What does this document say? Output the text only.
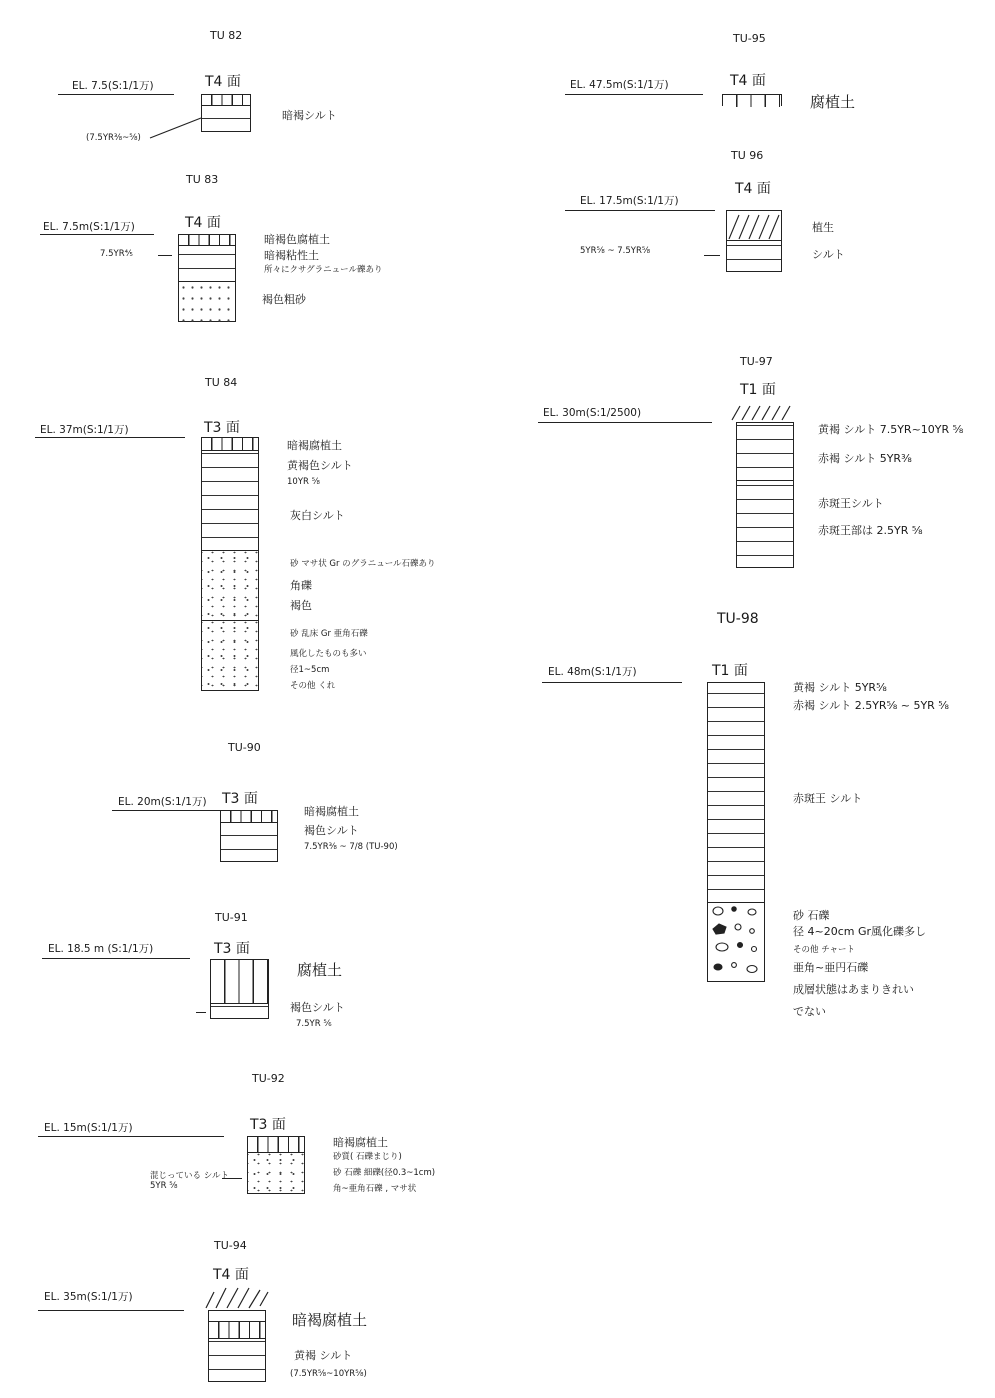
TU 82
EL. 7.5(S:1/1万)	T4 面
暗褐シルト
(7.5YR⅜~⅝)
TU 83
EL. 7.5m(S:1/1万)	T4 面
7.5YR⅘
暗褐色腐植土
暗褐粘性土
所々にクサグラニュール礫あり
褐色粗砂
TU 84
EL. 37m(S:1/1万)	T3 面
暗褐腐植土
黄褐色シルト
10YR ⅝
灰白シルト
砂 マサ状 Gr のグラニュール石礫あり
角礫
褐色
砂 乱床 Gr 亜角石礫
風化したものも多い
径1~5cm
その他 くれ
TU-90
EL. 20m(S:1/1万) T3 面
暗褐腐植土
褐色シルト
7.5YR⅜ ~ 7/8 (TU-90)
TU-91
EL. 18.5 m (S:1/1万)	T3 面
腐植土
褐色シルト
7.5YR ⅚
TU-92
EL. 15m(S:1/1万)	T3 面
混じっている シルト 5YR ⅝
暗褐腐植土
砂質( 石礫まじり)
砂 石礫 細礫(径0.3~1cm)
角~亜角石礫 , マサ状
TU-94
EL. 35m(S:1/1万)
T4 面
暗褐腐植土
黄褐 シルト
(7.5YR⅝~10YR⅝)
TU-95
EL. 47.5m(S:1/1万)	T4 面
腐植土
TU 96
EL. 17.5m(S:1/1万)
T4 面
5YR⅝ ~ 7.5YR⅝
植生
シルト
TU-97
EL. 30m(S:1/2500)
T1 面
黄褐 シルト 7.5YR~10YR ⅝
赤褐 シルト 5YR⅜
赤斑王シルト
赤斑王部は 2.5YR ⅝
TU-98
EL. 48m(S:1/1万)	T1 面
黄褐 シルト 5YR⅝
赤褐 シルト 2.5YR⅝ ~ 5YR ⅝
赤斑王 シルト
砂 石礫
径 4~20cm Gr風化礫多し
その他 チャート
亜角~亜円石礫
成層状態はあまりきれい
でない
